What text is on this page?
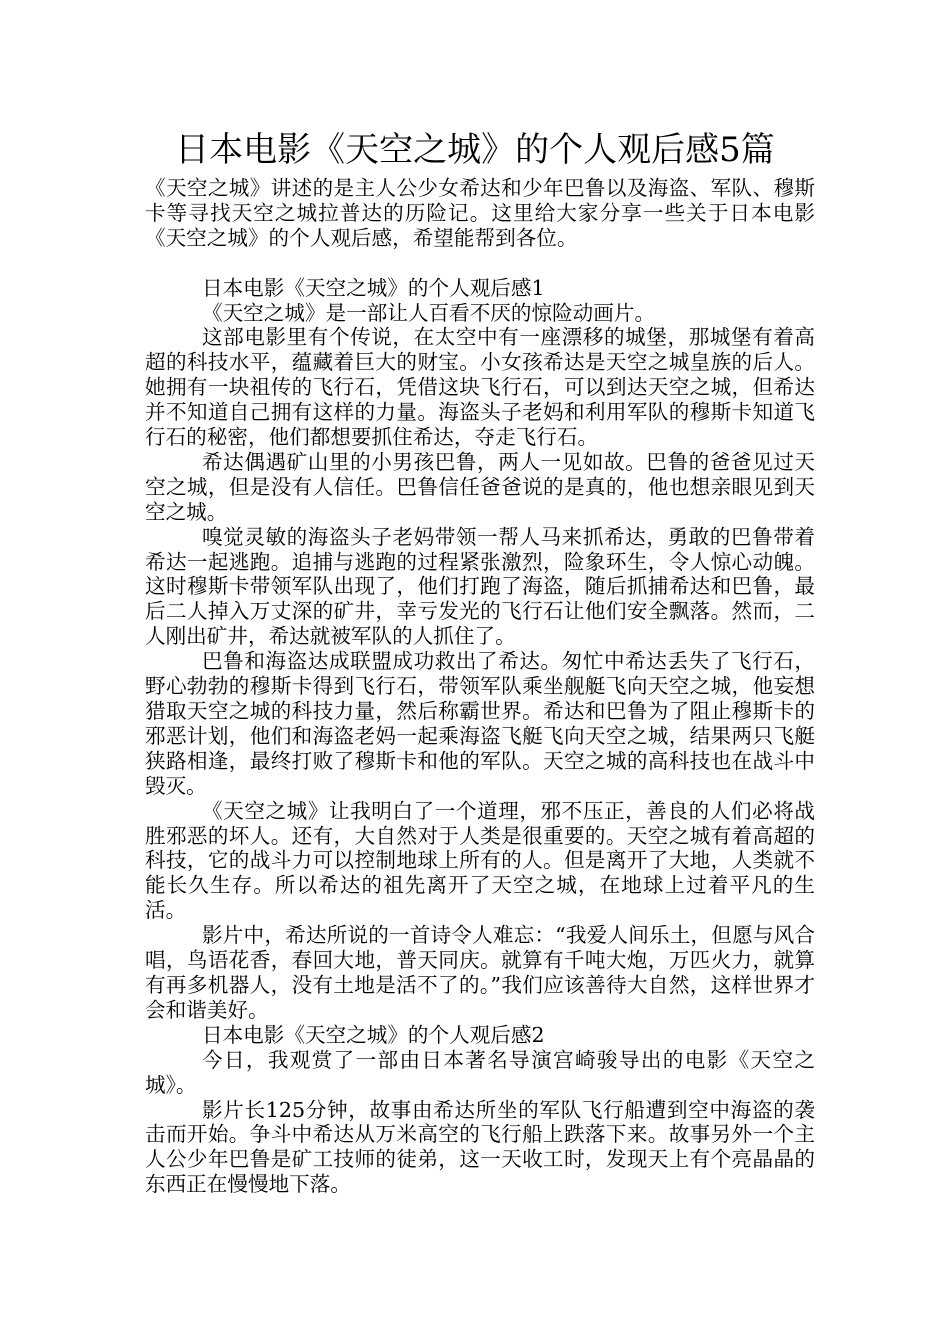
日本电影《天空之城》的个人观后感5篇

《天空之城》讲述的是主人公少女希达和少年巴鲁以及海盗、军队、穆斯卡等寻找天空之城拉普达的历险记。这里给大家分享一些关于日本电影《天空之城》的个人观后感，希望能帮到各位。

日本电影《天空之城》的个人观后感1

《天空之城》是一部让人百看不厌的惊险动画片。

这部电影里有个传说，在太空中有一座漂移的城堡，那城堡有着高超的科技水平，蕴藏着巨大的财宝。小女孩希达是天空之城皇族的后人。她拥有一块祖传的飞行石，凭借这块飞行石，可以到达天空之城，但希达并不知道自己拥有这样的力量。海盗头子老妈和利用军队的穆斯卡知道飞行石的秘密，他们都想要抓住希达，夺走飞行石。

希达偶遇矿山里的小男孩巴鲁，两人一见如故。巴鲁的爸爸见过天空之城，但是没有人信任。巴鲁信任爸爸说的是真的，他也想亲眼见到天空之城。

嗅觉灵敏的海盗头子老妈带领一帮人马来抓希达，勇敢的巴鲁带着希达一起逃跑。追捕与逃跑的过程紧张激烈，险象环生，令人惊心动魄。这时穆斯卡带领军队出现了，他们打跑了海盗，随后抓捕希达和巴鲁，最后二人掉入万丈深的矿井，幸亏发光的飞行石让他们安全飘落。然而，二人刚出矿井，希达就被军队的人抓住了。

巴鲁和海盗达成联盟成功救出了希达。匆忙中希达丢失了飞行石，野心勃勃的穆斯卡得到飞行石，带领军队乘坐舰艇飞向天空之城，他妄想猎取天空之城的科技力量，然后称霸世界。希达和巴鲁为了阻止穆斯卡的邪恶计划，他们和海盗老妈一起乘海盗飞艇飞向天空之城，结果两只飞艇狭路相逢，最终打败了穆斯卡和他的军队。天空之城的高科技也在战斗中毁灭。

《天空之城》让我明白了一个道理，邪不压正，善良的人们必将战胜邪恶的坏人。还有，大自然对于人类是很重要的。天空之城有着高超的科技，它的战斗力可以控制地球上所有的人。但是离开了大地，人类就不能长久生存。所以希达的祖先离开了天空之城，在地球上过着平凡的生活。

影片中，希达所说的一首诗令人难忘：“我爱人间乐土，但愿与风合唱，鸟语花香，春回大地，普天同庆。就算有千吨大炮，万匹火力，就算有再多机器人，没有土地是活不了的。”我们应该善待大自然，这样世界才会和谐美好。

日本电影《天空之城》的个人观后感2

今日，我观赏了一部由日本著名导演宫崎骏导出的电影《天空之城》。

影片长125分钟，故事由希达所坐的军队飞行船遭到空中海盗的袭击而开始。争斗中希达从万米高空的飞行船上跌落下来。故事另外一个主人公少年巴鲁是矿工技师的徒弟，这一天收工时，发现天上有个亮晶晶的东西正在慢慢地下落。
